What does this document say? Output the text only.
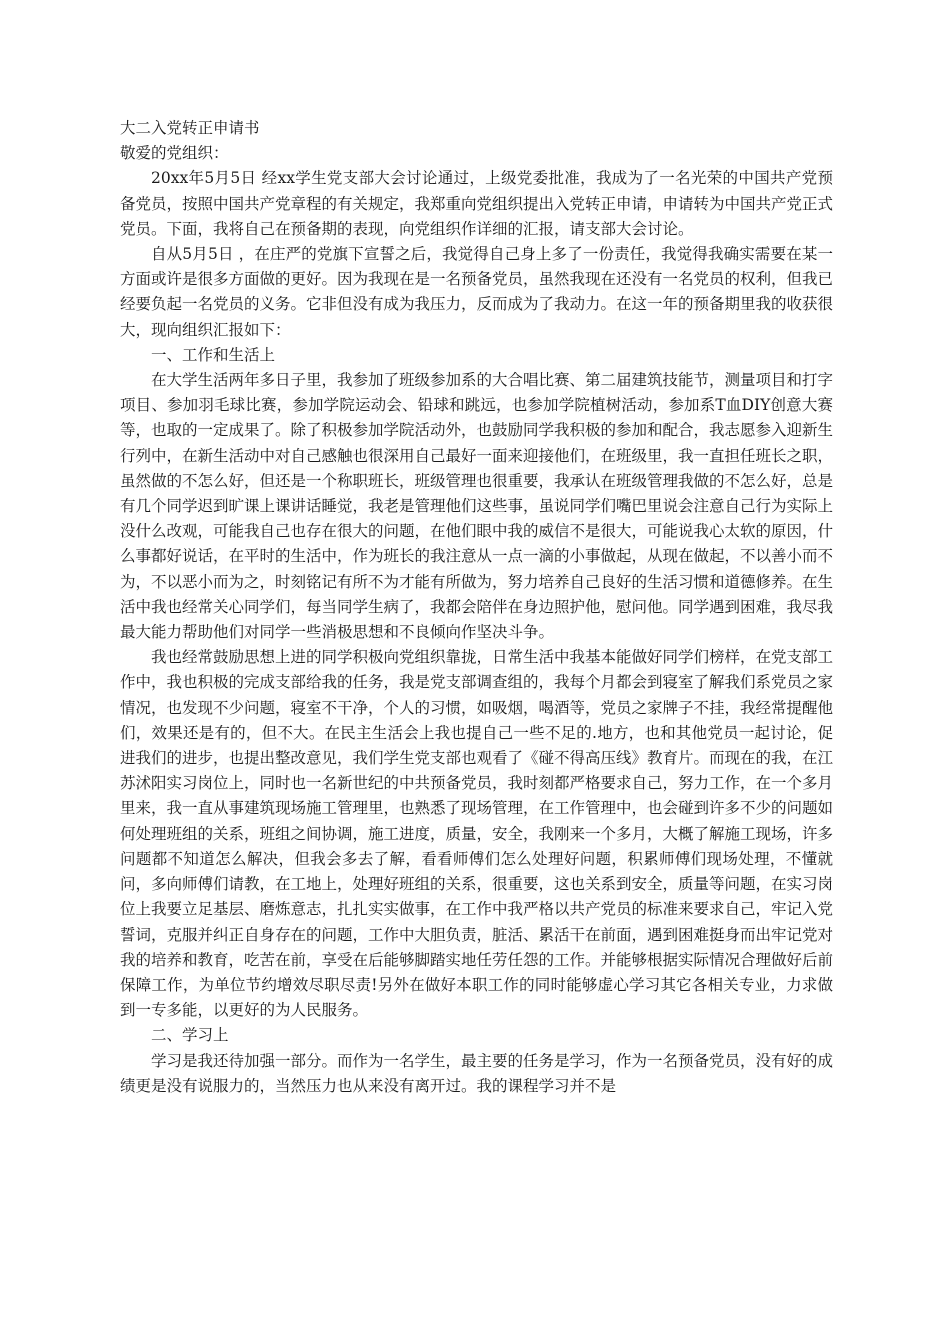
大二入党转正申请书

敬爱的党组织：

20xx年5月5日 经xx学生党支部大会讨论通过，上级党委批准，我成为了一名光荣的中国共产党预备党员，按照中国共产党章程的有关规定，我郑重向党组织提出入党转正申请，申请转为中国共产党正式党员。下面，我将自己在预备期的表现，向党组织作详细的汇报，请支部大会讨论。

自从5月5日 ，在庄严的党旗下宣誓之后，我觉得自己身上多了一份责任，我觉得我确实需要在某一方面或许是很多方面做的更好。因为我现在是一名预备党员，虽然我现在还没有一名党员的权利，但我已经要负起一名党员的义务。它非但没有成为我压力，反而成为了我动力。在这一年的预备期里我的收获很大，现向组织汇报如下：

一、工作和生活上

在大学生活两年多日子里，我参加了班级参加系的大合唱比赛、第二届建筑技能节，测量项目和打字项目、参加羽毛球比赛，参加学院运动会、铅球和跳远，也参加学院植树活动，参加系T血DIY创意大赛等，也取的一定成果了。除了积极参加学院活动外，也鼓励同学我积极的参加和配合，我志愿参入迎新生行列中，在新生活动中对自己感触也很深用自己最好一面来迎接他们，在班级里，我一直担任班长之职，虽然做的不怎么好，但还是一个称职班长，班级管理也很重要，我承认在班级管理我做的不怎么好，总是有几个同学迟到旷课上课讲话睡觉，我老是管理他们这些事，虽说同学们嘴巴里说会注意自己行为实际上没什么改观，可能我自己也存在很大的问题，在他们眼中我的威信不是很大，可能说我心太软的原因，什么事都好说话，在平时的生活中，作为班长的我注意从一点一滴的小事做起，从现在做起，不以善小而不为，不以恶小而为之，时刻铭记有所不为才能有所做为，努力培养自己良好的生活习惯和道德修养。在生活中我也经常关心同学们，每当同学生病了，我都会陪伴在身边照护他，慰问他。同学遇到困难，我尽我最大能力帮助他们对同学一些消极思想和不良倾向作坚决斗争。

我也经常鼓励思想上进的同学积极向党组织靠拢，日常生活中我基本能做好同学们榜样，在党支部工作中，我也积极的完成支部给我的任务，我是党支部调查组的，我每个月都会到寝室了解我们系党员之家情况，也发现不少问题，寝室不干净，个人的习惯，如吸烟，喝酒等，党员之家牌子不挂，我经常提醒他们，效果还是有的，但不大。在民主生活会上我也提自己一些不足的.地方，也和其他党员一起讨论，促进我们的进步，也提出整改意见，我们学生党支部也观看了《碰不得高压线》教育片。而现在的我，在江苏沭阳实习岗位上，同时也一名新世纪的中共预备党员，我时刻都严格要求自己，努力工作，在一个多月里来，我一直从事建筑现场施工管理里，也熟悉了现场管理，在工作管理中，也会碰到许多不少的问题如何处理班组的关系，班组之间协调，施工进度，质量，安全，我刚来一个多月，大概了解施工现场，许多问题都不知道怎么解决，但我会多去了解，看看师傅们怎么处理好问题，积累师傅们现场处理，不懂就问，多向师傅们请教，在工地上，处理好班组的关系，很重要，这也关系到安全，质量等问题，在实习岗位上我要立足基层、磨炼意志，扎扎实实做事，在工作中我严格以共产党员的标准来要求自己，牢记入党誓词，克服并纠正自身存在的问题，工作中大胆负责，脏活、累活干在前面，遇到困难挺身而出牢记党对我的培养和教育，吃苦在前，享受在后能够脚踏实地任劳任怨的工作。并能够根据实际情况合理做好后前保障工作，为单位节约增效尽职尽责!另外在做好本职工作的同时能够虚心学习其它各相关专业，力求做到一专多能，以更好的为人民服务。

二、学习上

学习是我还待加强一部分。而作为一名学生，最主要的任务是学习，作为一名预备党员，没有好的成绩更是没有说服力的，当然压力也从来没有离开过。我的课程学习并不是
